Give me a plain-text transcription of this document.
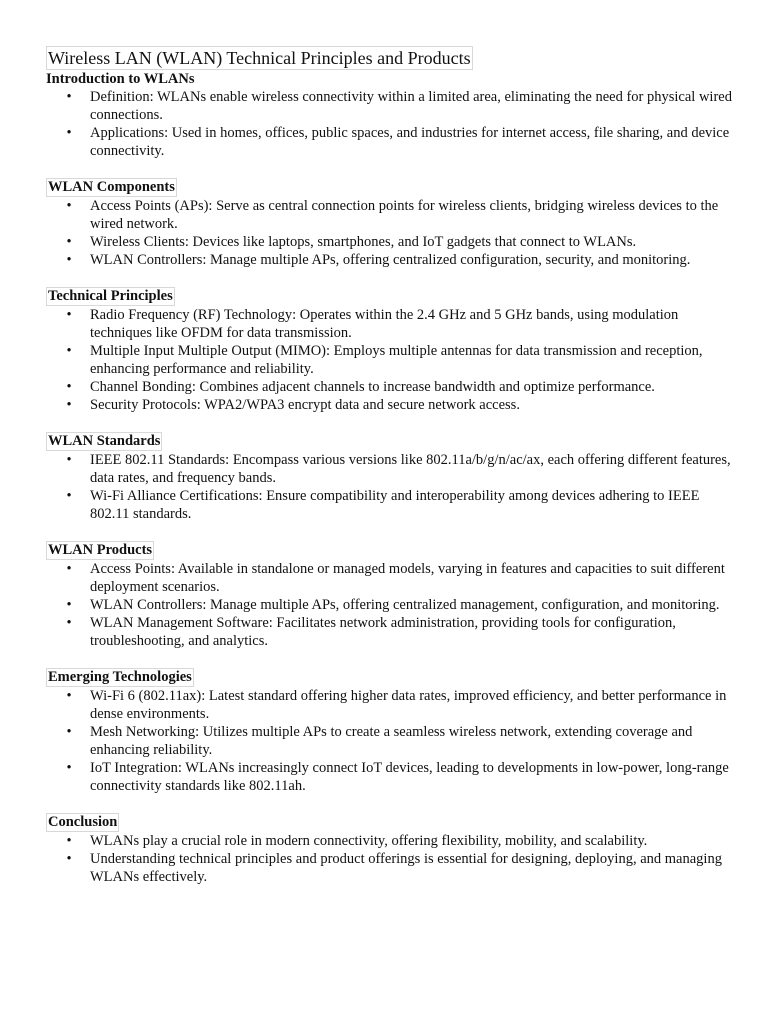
Wireless LAN (WLAN) Technical Principles and Products
Introduction to WLANs
• Definition: WLANs enable wireless connectivity within a limited area, eliminating the need for physical wired connections.
• Applications: Used in homes, offices, public spaces, and industries for internet access, file sharing, and device connectivity.
WLAN Components
• Access Points (APs): Serve as central connection points for wireless clients, bridging wireless devices to the wired network.
• Wireless Clients: Devices like laptops, smartphones, and IoT gadgets that connect to WLANs.
• WLAN Controllers: Manage multiple APs, offering centralized configuration, security, and monitoring.
Technical Principles
• Radio Frequency (RF) Technology: Operates within the 2.4 GHz and 5 GHz bands, using modulation techniques like OFDM for data transmission.
• Multiple Input Multiple Output (MIMO): Employs multiple antennas for data transmission and reception, enhancing performance and reliability.
• Channel Bonding: Combines adjacent channels to increase bandwidth and optimize performance.
• Security Protocols: WPA2/WPA3 encrypt data and secure network access.
WLAN Standards
• IEEE 802.11 Standards: Encompass various versions like 802.11a/b/g/n/ac/ax, each offering different features, data rates, and frequency bands.
• Wi-Fi Alliance Certifications: Ensure compatibility and interoperability among devices adhering to IEEE 802.11 standards.
WLAN Products
• Access Points: Available in standalone or managed models, varying in features and capacities to suit different deployment scenarios.
• WLAN Controllers: Manage multiple APs, offering centralized management, configuration, and monitoring.
• WLAN Management Software: Facilitates network administration, providing tools for configuration, troubleshooting, and analytics.
Emerging Technologies
• Wi-Fi 6 (802.11ax): Latest standard offering higher data rates, improved efficiency, and better performance in dense environments.
• Mesh Networking: Utilizes multiple APs to create a seamless wireless network, extending coverage and enhancing reliability.
• IoT Integration: WLANs increasingly connect IoT devices, leading to developments in low-power, long-range connectivity standards like 802.11ah.
Conclusion
• WLANs play a crucial role in modern connectivity, offering flexibility, mobility, and scalability.
• Understanding technical principles and product offerings is essential for designing, deploying, and managing WLANs effectively.
